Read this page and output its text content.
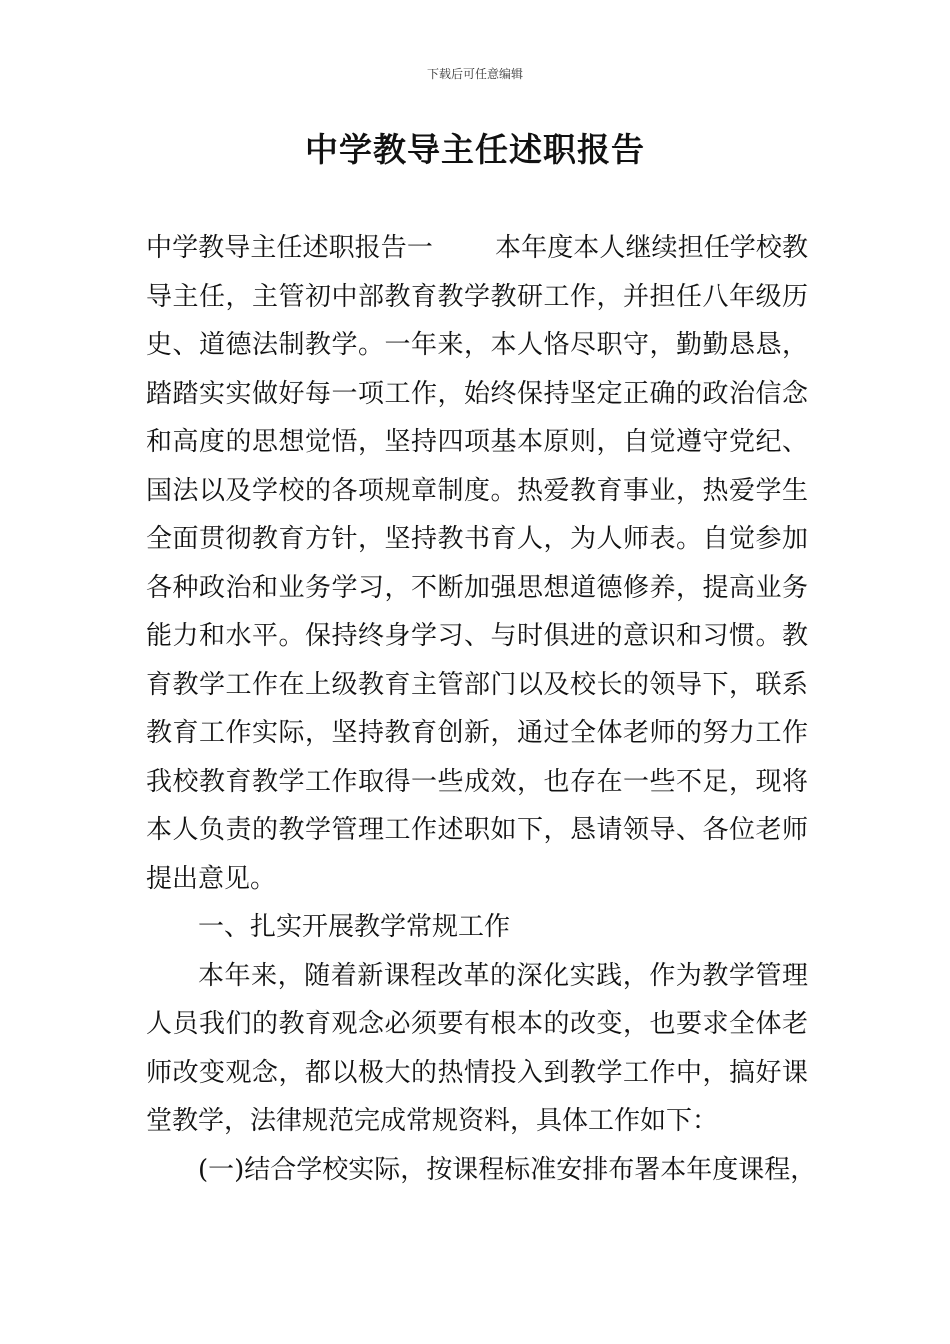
下载后可任意编辑
中学教导主任述职报告
中学教导主任述职报告一 本年度本人继续担任学校教
导主任，主管初中部教育教学教研工作，并担任八年级历
史、道德法制教学。一年来，本人恪尽职守，勤勤恳恳，
踏踏实实做好每一项工作，始终保持坚定正确的政治信念
和高度的思想觉悟，坚持四项基本原则，自觉遵守党纪、
国法以及学校的各项规章制度。热爱教育事业，热爱学生
全面贯彻教育方针，坚持教书育人，为人师表。自觉参加
各种政治和业务学习，不断加强思想道德修养，提高业务
能力和水平。保持终身学习、与时俱进的意识和习惯。教
育教学工作在上级教育主管部门以及校长的领导下，联系
教育工作实际，坚持教育创新，通过全体老师的努力工作
我校教育教学工作取得一些成效，也存在一些不足，现将
本人负责的教学管理工作述职如下，恳请领导、各位老师
提出意见。
一、扎实开展教学常规工作
本年来，随着新课程改革的深化实践，作为教学管理
人员我们的教育观念必须要有根本的改变，也要求全体老
师改变观念，都以极大的热情投入到教学工作中，搞好课
堂教学，法律规范完成常规资料，具体工作如下：
(一)结合学校实际，按课程标准安排布署本年度课程，
